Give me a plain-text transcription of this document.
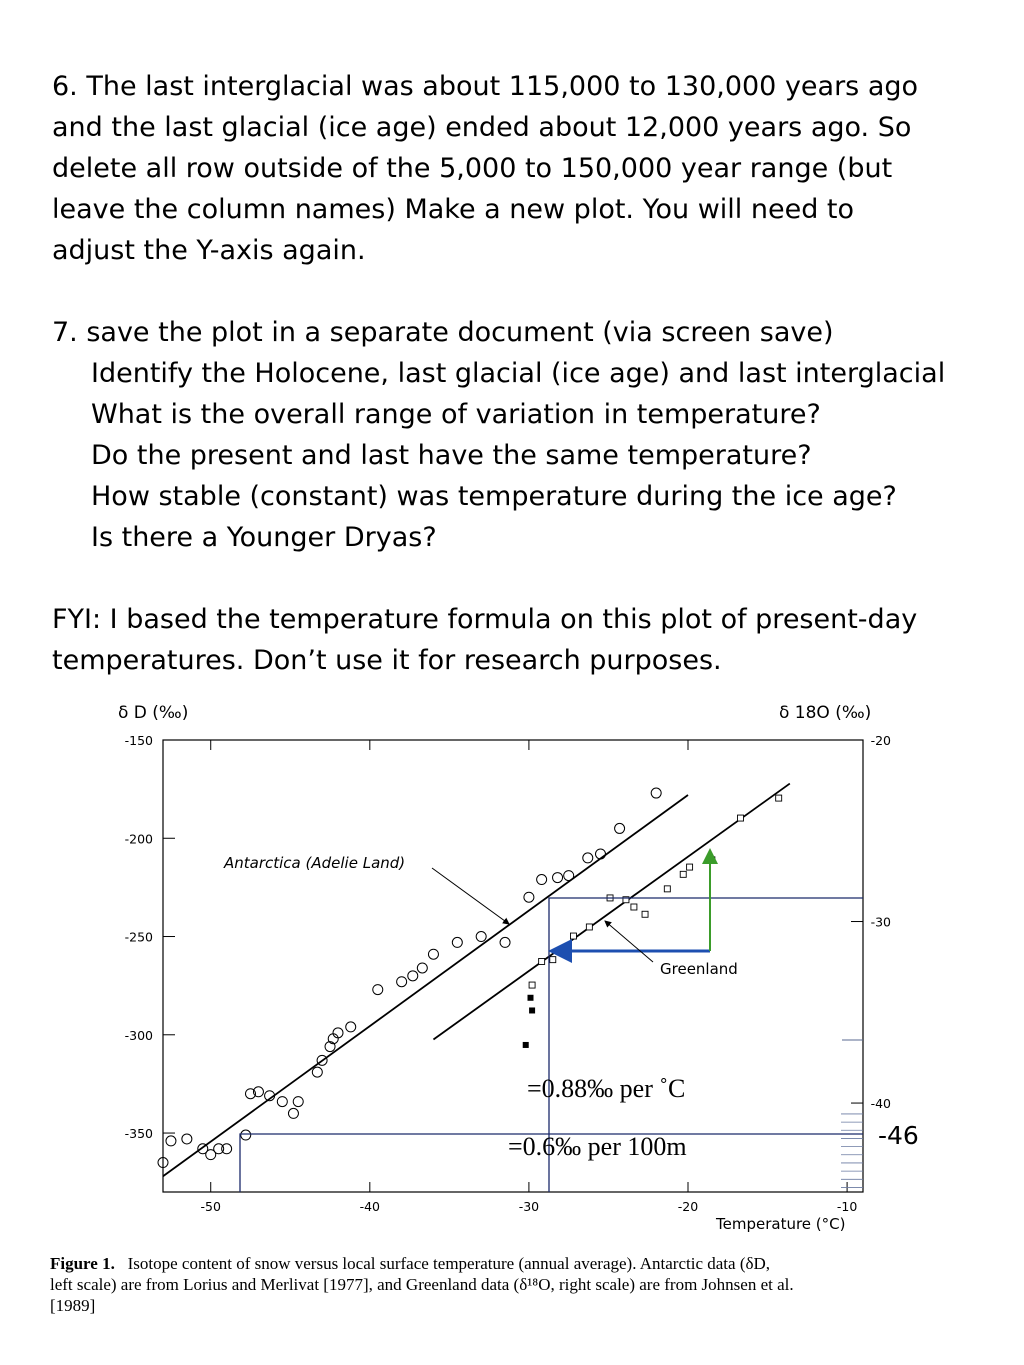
6. The last interglacial was about 115,000 to 130,000 years ago
and the last glacial (ice age) ended about 12,000 years ago. So
delete all row outside of the 5,000 to 150,000 year range (but
leave the column names) Make a new plot. You will need to
adjust the Y-axis again.
7. save the plot in a separate document (via screen save)
Identify the Holocene, last glacial (ice age) and last interglacial
What is the overall range of variation in temperature?
Do the present and last have the same temperature?
How stable (constant) was temperature during the ice age?
Is there a Younger Dryas?
FYI: I based the temperature formula on this plot of present-day
temperatures. Don’t use it for research purposes.
δ D (‰)	δ 18O (‰)
Temperature (°C)
Antarctica (Adelie Land)
Greenland
-50	-40	-30	-20	-10
-150
-200
-250
-300
-350
-20
-30
-40
=0.88‰ per ˚C
=0.6‰ per 100m	-46
Figure 1. Isotope content of snow versus local surface temperature (annual average). Antarctic data (δD,
left scale) are from Lorius and Merlivat [1977], and Greenland data (δ¹⁸O, right scale) are from Johnsen et al.
[1989]
